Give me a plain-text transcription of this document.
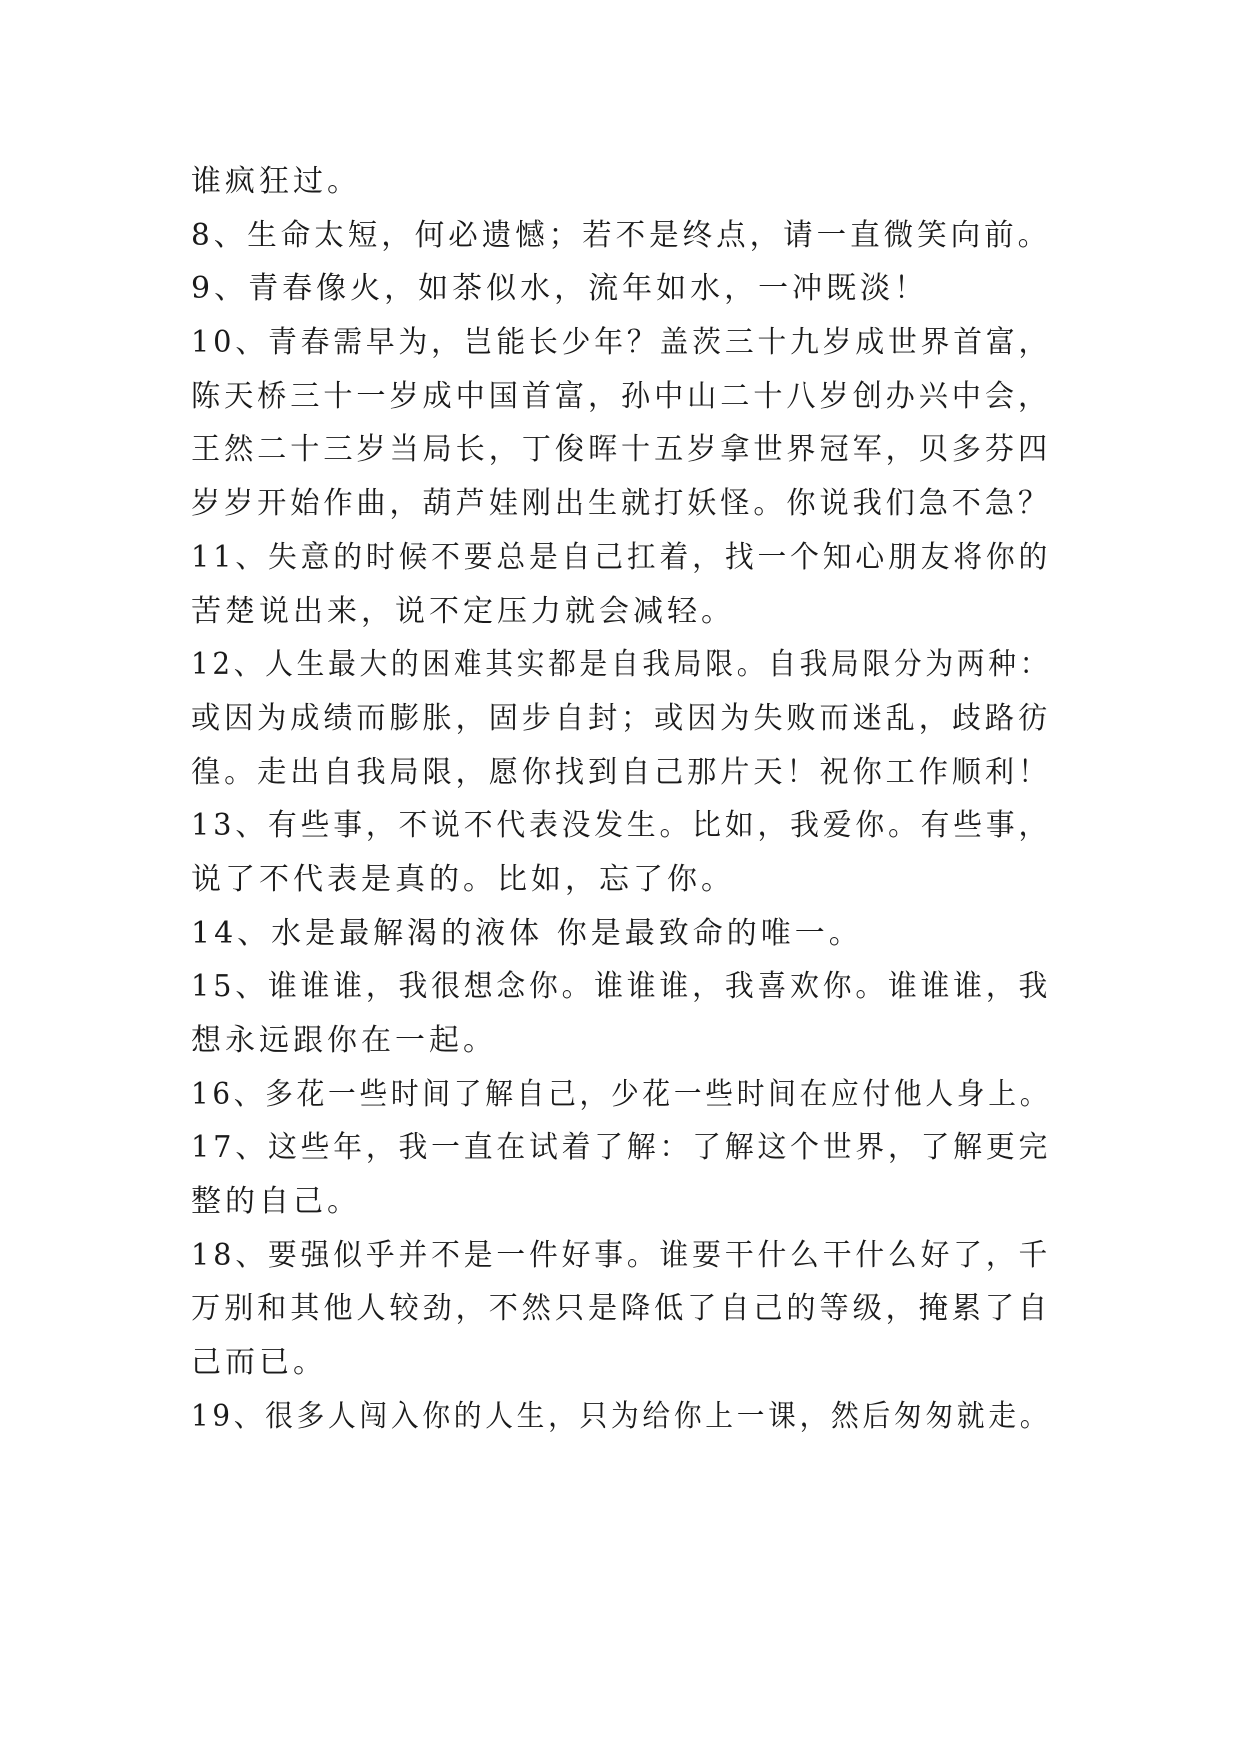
谁疯狂过。
8、生命太短，何必遗憾；若不是终点，请一直微笑向前。
9、青春像火，如茶似水，流年如水，一冲既淡！
10、青春需早为，岂能长少年？盖茨三十九岁成世界首富，
陈天桥三十一岁成中国首富，孙中山二十八岁创办兴中会，
王然二十三岁当局长，丁俊晖十五岁拿世界冠军，贝多芬四
岁岁开始作曲，葫芦娃刚出生就打妖怪。你说我们急不急？
11、失意的时候不要总是自己扛着，找一个知心朋友将你的
苦楚说出来，说不定压力就会减轻。
12、人生最大的困难其实都是自我局限。自我局限分为两种：
或因为成绩而膨胀，固步自封；或因为失败而迷乱，歧路彷
徨。走出自我局限，愿你找到自己那片天！祝你工作顺利！
13、有些事，不说不代表没发生。比如，我爱你。有些事，
说了不代表是真的。比如，忘了你。
14、水是最解渴的液体 你是最致命的唯一。
15、谁谁谁，我很想念你。谁谁谁，我喜欢你。谁谁谁，我
想永远跟你在一起。
16、多花一些时间了解自己，少花一些时间在应付他人身上。
17、这些年，我一直在试着了解：了解这个世界，了解更完
整的自己。
18、要强似乎并不是一件好事。谁要干什么干什么好了，千
万别和其他人较劲，不然只是降低了自己的等级，掩累了自
己而已。
19、很多人闯入你的人生，只为给你上一课，然后匆匆就走。
